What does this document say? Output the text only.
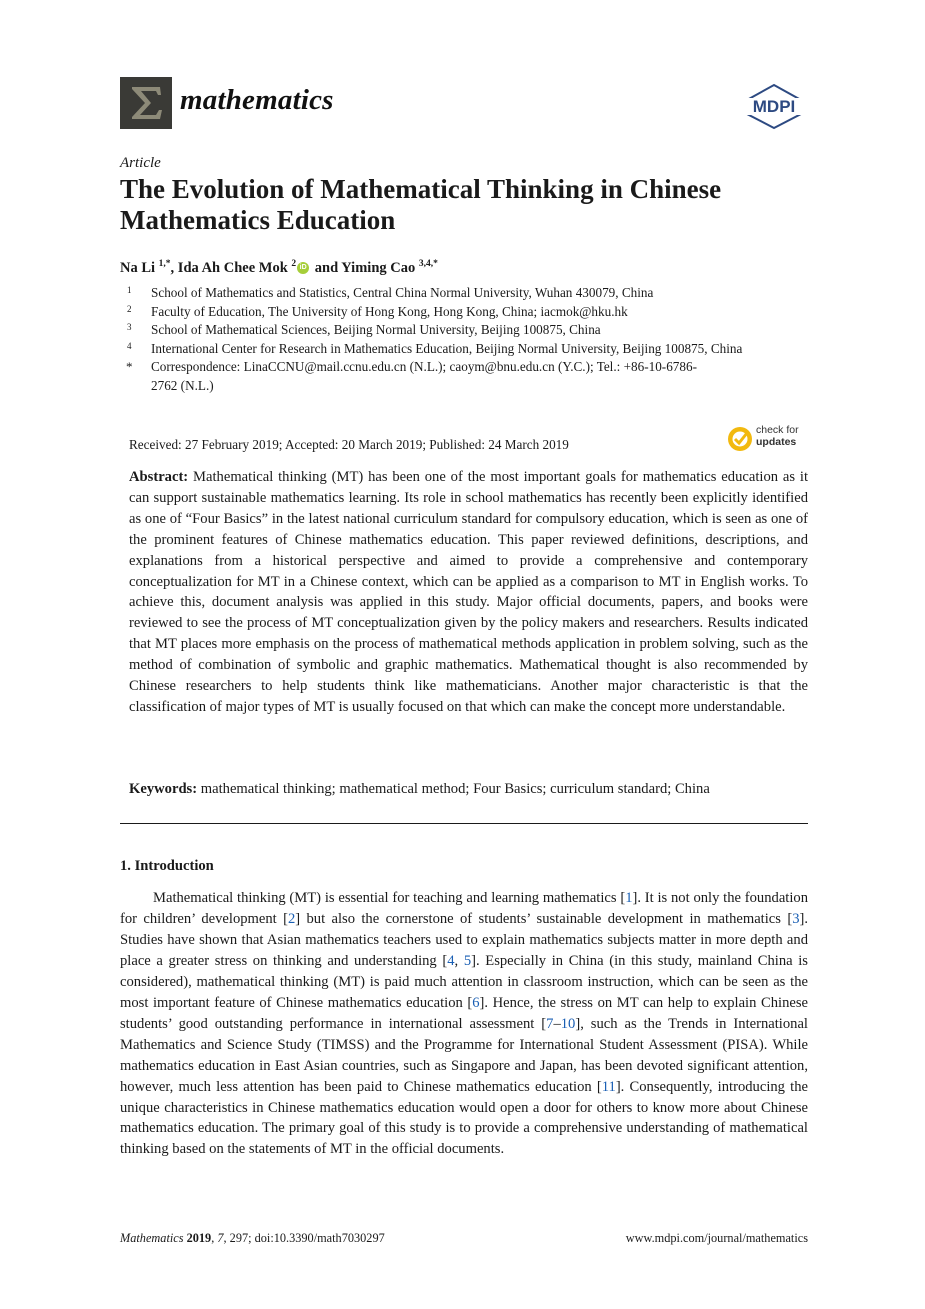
mathematics	MDPI
Article
The Evolution of Mathematical Thinking in Chinese Mathematics Education
Na Li $^{1,*}$, Ida Ah Chee Mok $^2$ iD and Yiming Cao $^{3,4,*}$
1 School of Mathematics and Statistics, Central China Normal University, Wuhan 430079, China
2 Faculty of Education, The University of Hong Kong, Hong Kong, China; iacmok@hku.hk
3 School of Mathematical Sciences, Beijing Normal University, Beijing 100875, China
4 International Center for Research in Mathematics Education, Beijing Normal University, Beijing 100875, China
* Correspondence: LinaCCNU@mail.ccnu.edu.cn (N.L.); caoym@bnu.edu.cn (Y.C.); Tel.: +86-10-6786-2762 (N.L.)
Received: 27 February 2019; Accepted: 20 March 2019; Published: 24 March 2019
check for
updates
Abstract: Mathematical thinking (MT) has been one of the most important goals for mathematics education as it can support sustainable mathematics learning. Its role in school mathematics has recently been explicitly identified as one of “Four Basics” in the latest national curriculum standard for compulsory education, which is seen as one of the prominent features of Chinese mathematics education. This paper reviewed definitions, descriptions, and explanations from a historical perspective and aimed to provide a comprehensive and contemporary conceptualization for MT in a Chinese context, which can be applied as a comparison to MT in English works. To achieve this, document analysis was applied in this study. Major official documents, papers, and books were reviewed to see the process of MT conceptualization given by the policy makers and researchers. Results indicated that MT places more emphasis on the process of mathematical methods application in problem solving, such as the method of combination of symbolic and graphic mathematics. Mathematical thought is also recommended by Chinese researchers to help students think like mathematicians. Another major characteristic is that the classification of major types of MT is usually focused on that which can make the concept more understandable.
Keywords: mathematical thinking; mathematical method; Four Basics; curriculum standard; China
1. Introduction
Mathematical thinking (MT) is essential for teaching and learning mathematics [1]. It is not only the foundation for children’ development [2] but also the cornerstone of students’ sustainable development in mathematics [3]. Studies have shown that Asian mathematics teachers used to explain mathematics subjects matter in more depth and place a greater stress on thinking and understanding [4, 5]. Especially in China (in this study, mainland China is considered), mathematical thinking (MT) is paid much attention in classroom instruction, which can be seen as the most important feature of Chinese mathematics education [6]. Hence, the stress on MT can help to explain Chinese students’ good outstanding performance in international assessment [7–10], such as the Trends in International Mathematics and Science Study (TIMSS) and the Programme for International Student Assessment (PISA). While mathematics education in East Asian countries, such as Singapore and Japan, has been devoted significant attention, however, much less attention has been paid to Chinese mathematics education [11]. Consequently, introducing the unique characteristics in Chinese mathematics education would open a door for others to know more about Chinese mathematics education. The primary goal of this study is to provide a comprehensive understanding of mathematical thinking based on the statements of MT in the official documents.
Mathematics 2019, 7, 297; doi:10.3390/math7030297	www.mdpi.com/journal/mathematics
